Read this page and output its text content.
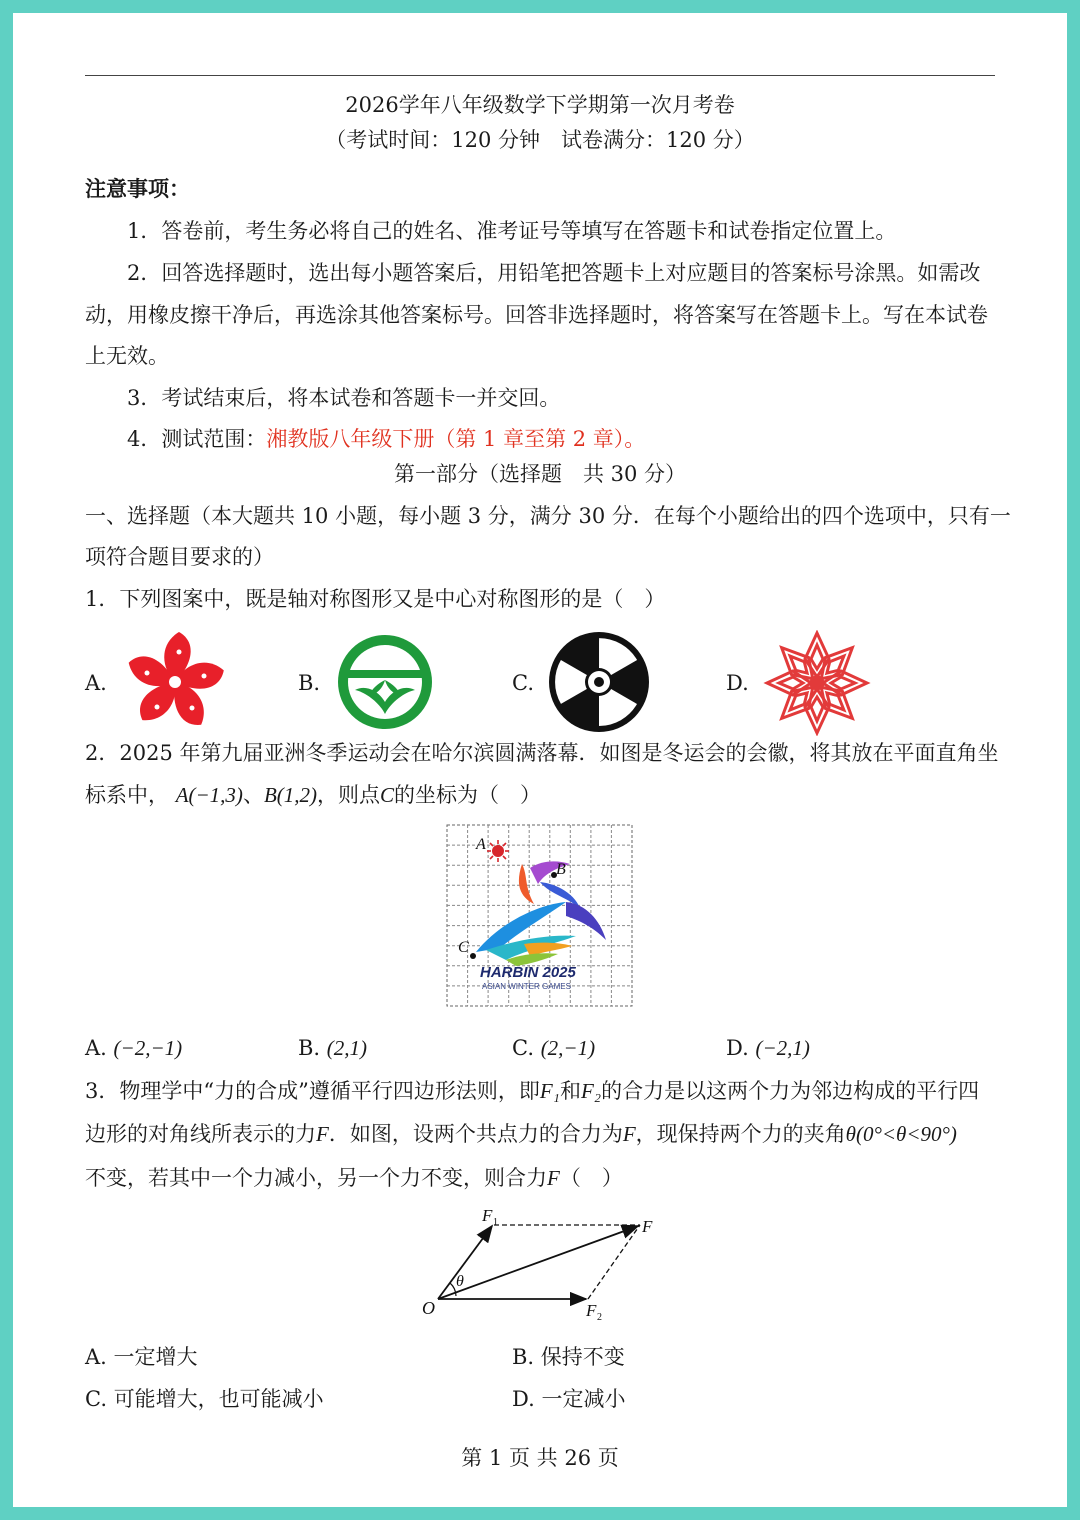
2026学年八年级数学下学期第一次月考卷
（考试时间：120 分钟　试卷满分：120 分）
注意事项：
1．答卷前，考生务必将自己的姓名、准考证号等填写在答题卡和试卷指定位置上。
2．回答选择题时，选出每小题答案后，用铅笔把答题卡上对应题目的答案标号涂黑。如需改
动，用橡皮擦干净后，再选涂其他答案标号。回答非选择题时，将答案写在答题卡上。写在本试卷
上无效。
3．考试结束后，将本试卷和答题卡一并交回。
4．测试范围：湘教版八年级下册（第 1 章至第 2 章）。
第一部分（选择题　共 30 分）
一、选择题（本大题共 10 小题，每小题 3 分，满分 30 分．在每个小题给出的四个选项中，只有一
项符合题目要求的）
1．下列图案中，既是轴对称图形又是中心对称图形的是（　）
A.	B.	C.	D.
2．2025 年第九届亚洲冬季运动会在哈尔滨圆满落幕．如图是冬运会的会徽，将其放在平面直角坐
标系中， A(−1,3)、B(1,2)，则点C的坐标为（　）
A
B
C
HARBIN 2025
ASIAN WINTER GAMES
A. (−2,−1)	B. (2,1)	C. (2,−1)	D. (−2,1)
3．物理学中“力的合成”遵循平行四边形法则，即F₁和F₂的合力是以这两个力为邻边构成的平行四
边形的对角线所表示的力F．如图，设两个共点力的合力为F，现保持两个力的夹角θ(0°<θ<90°)
不变，若其中一个力减小，另一个力不变，则合力F（　）
O
θ
F 1	F
F 2
A. 一定增大	B. 保持不变
C. 可能增大，也可能减小	D. 一定减小
第 1 页 共 26 页
